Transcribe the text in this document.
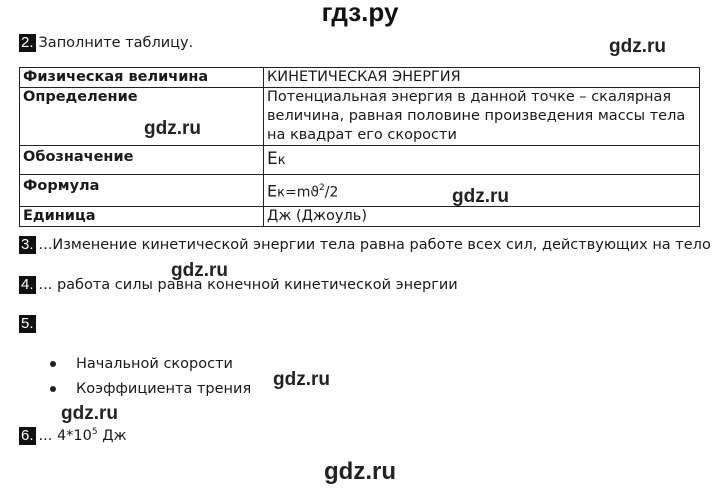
гдз.ру
2. Заполните таблицу.	gdz.ru
Физическая величина	КИНЕТИЧЕСКАЯ ЭНЕРГИЯ
Определение	Потенциальная энергия в данной точке – скалярная величина, равная половине произведения массы тела на квадрат его скорости
Обозначение	Ек
Формула	$Ек=mϑ^2/2$
Единица	Дж (Джоуль)
gdz.ru
gdz.ru
3. ...Изменение кинетической энергии тела равна работе всех сил, действующих на тело
gdz.ru
4. ... работа силы равна конечной кинетической энергии
5.
Начальной скорости
Коэффициента трения gdz.ru
gdz.ru
6. ... $4*10^5$ Дж
gdz.ru
